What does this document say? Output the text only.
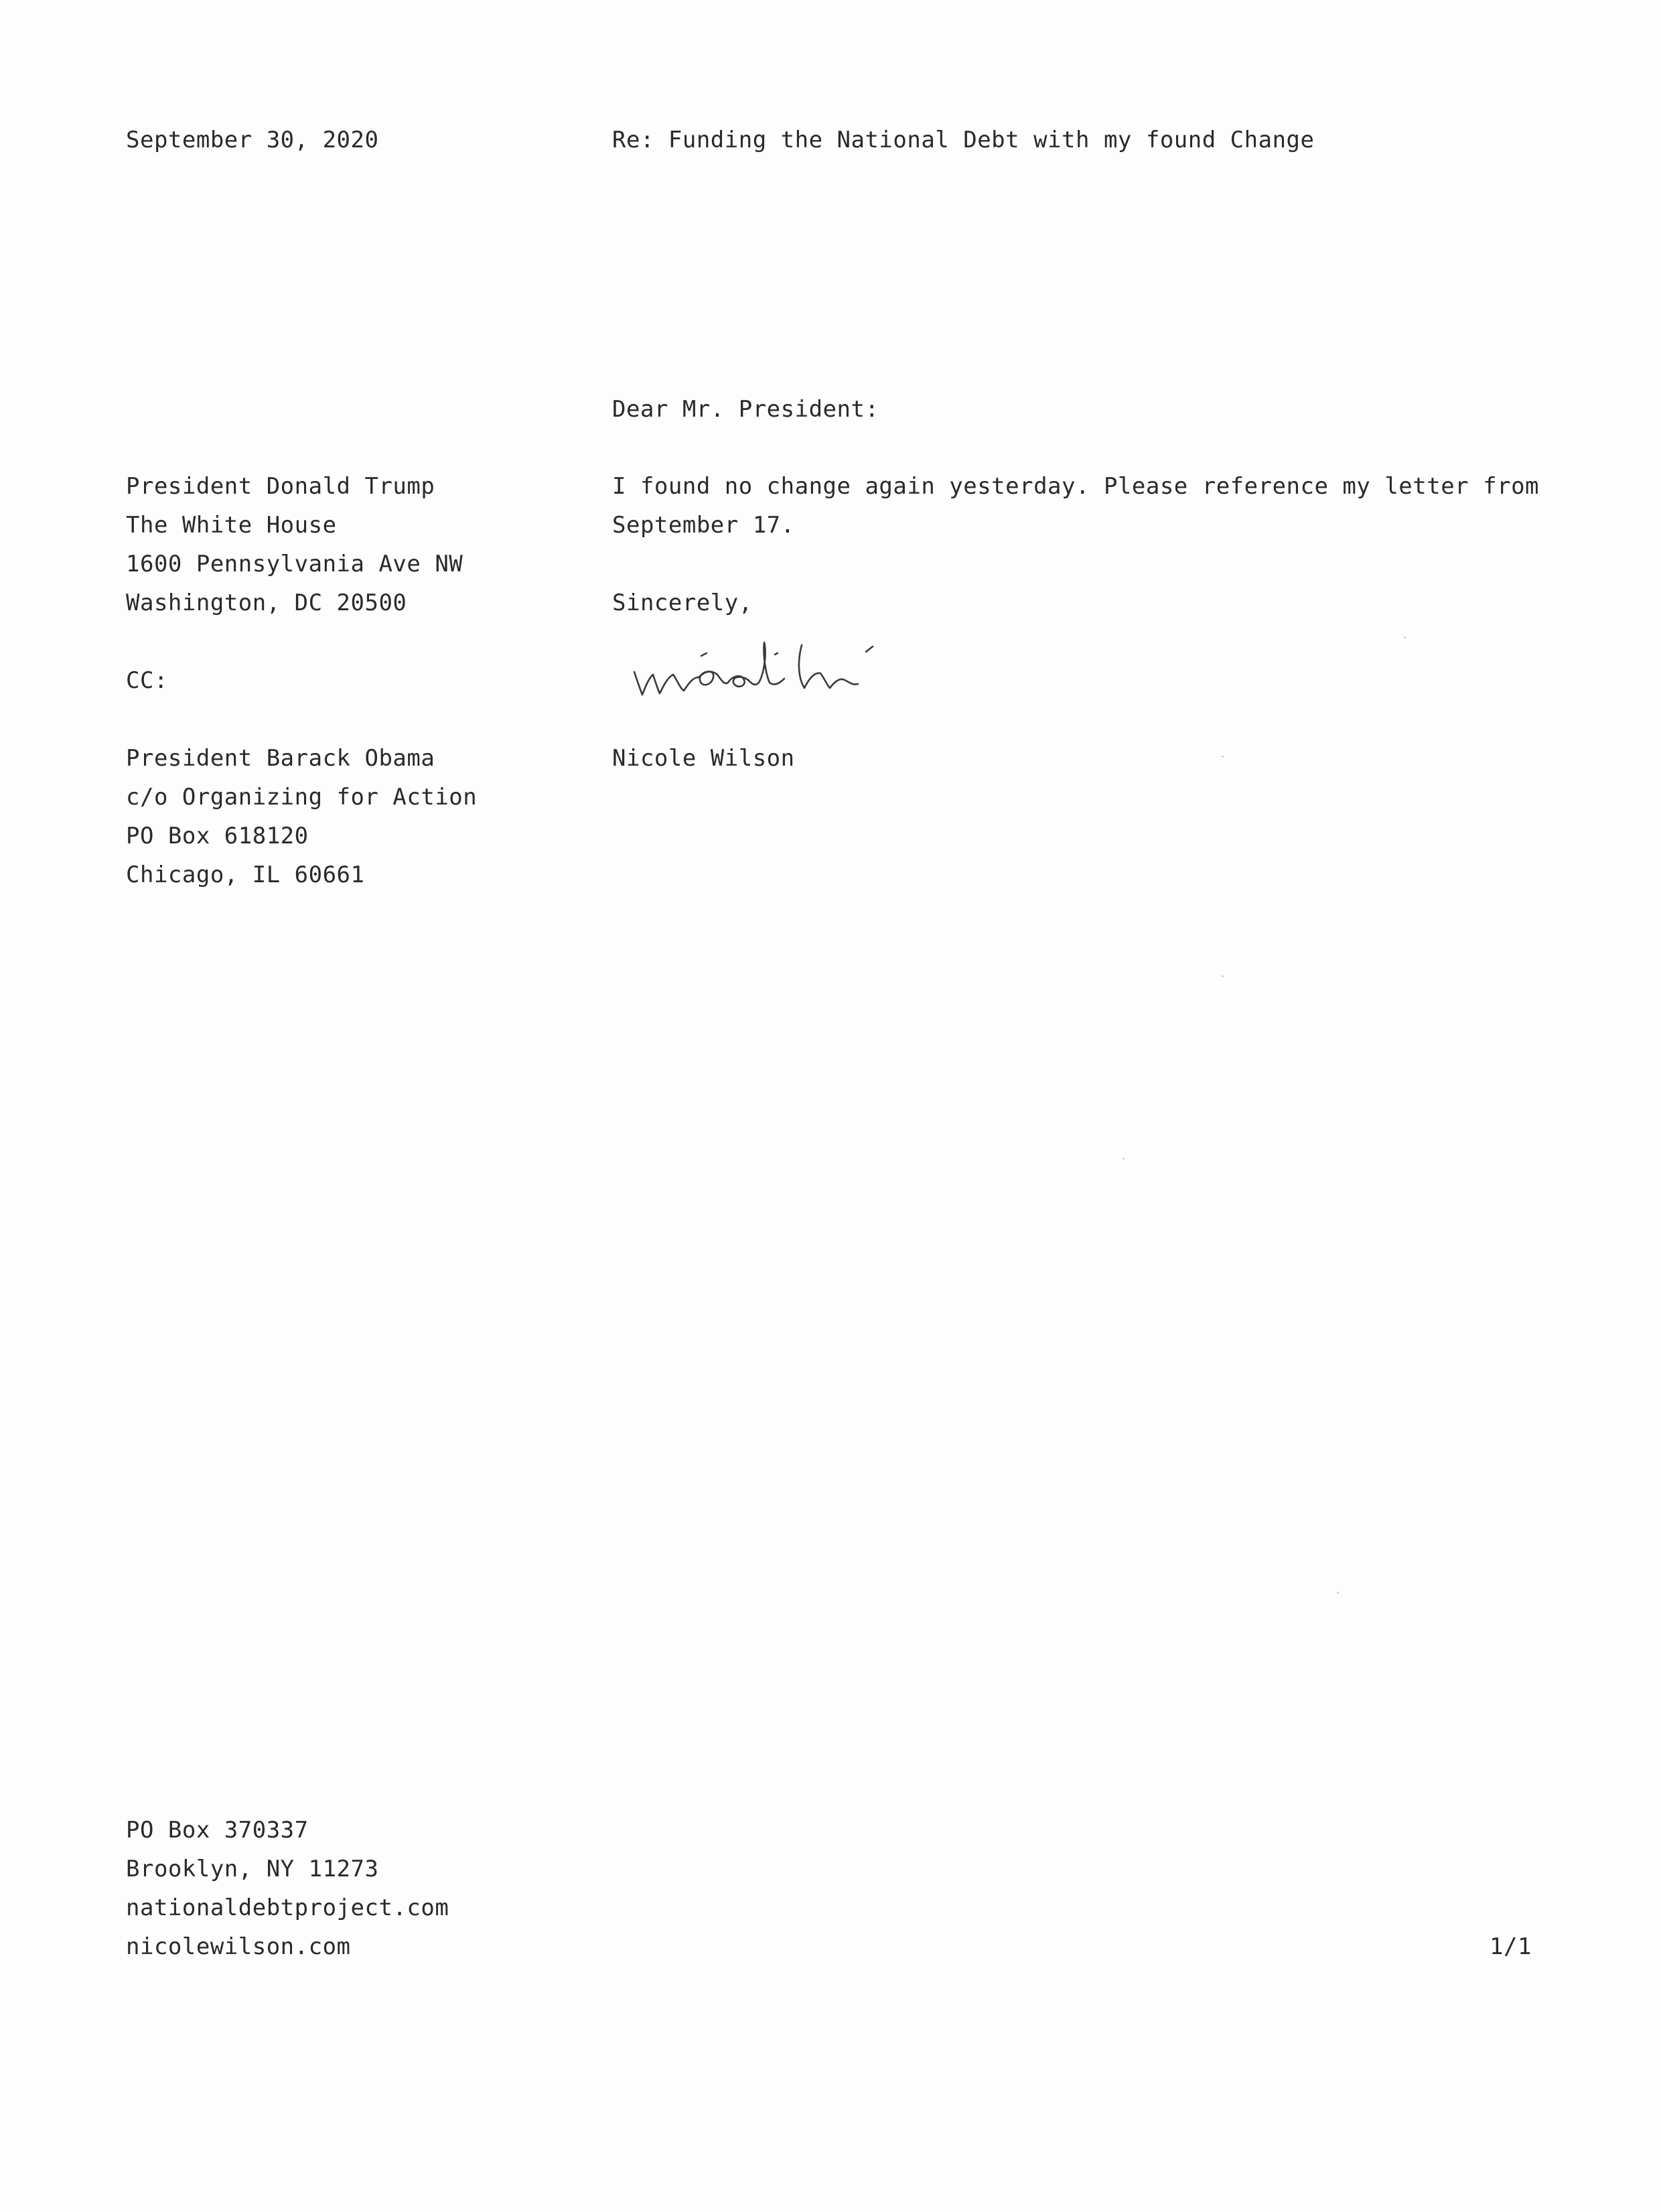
September 30, 2020	Re: Funding the National Debt with my found Change
Dear Mr. President:
President Donald Trump
The White House
1600 Pennsylvania Ave NW
Washington, DC 20500
I found no change again yesterday. Please reference my letter from
September 17.
Sincerely,
CC:
President Barack Obama
c/o Organizing for Action
PO Box 618120
Chicago, IL 60661
Nicole Wilson
PO Box 370337
Brooklyn, NY 11273
nationaldebtproject.com
nicolewilson.com	1/1
